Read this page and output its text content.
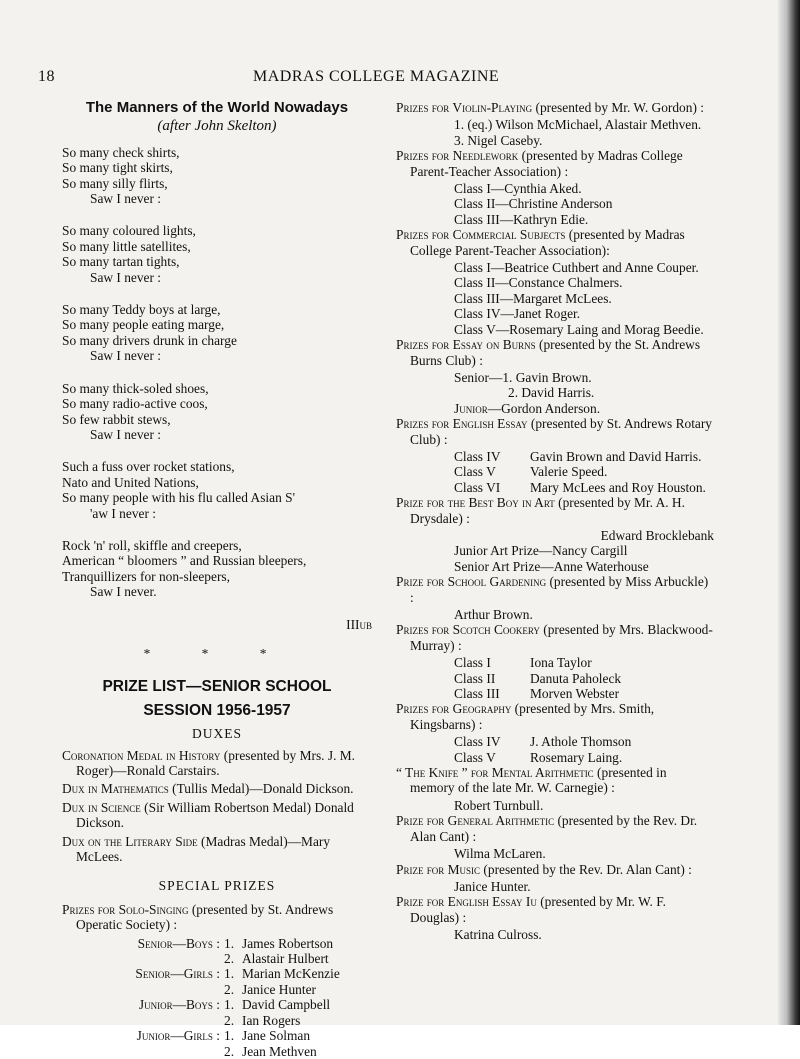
18	MADRAS COLLEGE MAGAZINE
The Manners of the World Nowadays
(after John Skelton)
So many check shirts,
So many tight skirts,
So many silly flirts,
Saw I never :
So many coloured lights,
So many little satellites,
So many tartan tights,
Saw I never :
So many Teddy boys at large,
So many people eating marge,
So many drivers drunk in charge
Saw I never :
So many thick-soled shoes,
So many radio-active coos,
So few rabbit stews,
Saw I never :
Such a fuss over rocket stations,
Nato and United Nations,
So many people with his flu called Asian S'
'aw I never :
Rock 'n' roll, skiffle and creepers,
American “ bloomers ” and Russian bleepers,
Tranquillizers for non-sleepers,
Saw I never.
IIIub
* * *
PRIZE LIST—SENIOR SCHOOL
SESSION 1956-1957
DUXES
Coronation Medal in History (presented by Mrs. J. M. Roger)—Ronald Carstairs.
Dux in Mathematics (Tullis Medal)—Donald Dickson.
Dux in Science (Sir William Robertson Medal) Donald Dickson.
Dux on the Literary Side (Madras Medal)—Mary McLees.
SPECIAL PRIZES
Prizes for Solo-Singing (presented by St. Andrews Operatic Society) :
Senior—Boys : 1. James Robertson
2. Alastair Hulbert
Senior—Girls : 1. Marian McKenzie
2. Janice Hunter
Junior—Boys : 1. David Campbell
2. Ian Rogers
Junior—Girls : 1. Jane Solman
2. Jean Methven
Prizes for Violin-Playing (presented by Mr. W. Gordon) :
1. (eq.) Wilson McMichael, Alastair Methven.
3. Nigel Caseby.
Prizes for Needlework (presented by Madras College Parent-Teacher Association) :
Class I—Cynthia Aked.
Class II—Christine Anderson
Class III—Kathryn Edie.
Prizes for Commercial Subjects (presented by Madras College Parent-Teacher Association):
Class I—Beatrice Cuthbert and Anne Couper.
Class II—Constance Chalmers.
Class III—Margaret McLees.
Class IV—Janet Roger.
Class V—Rosemary Laing and Morag Beedie.
Prizes for Essay on Burns (presented by the St. Andrews Burns Club) :
Senior—1. Gavin Brown.
2. David Harris.
Junior—Gordon Anderson.
Prizes for English Essay (presented by St. Andrews Rotary Club) :
Class IV	Gavin Brown and David Harris.
Class V	Valerie Speed.
Class VI	Mary McLees and Roy Houston.
Prize for the Best Boy in Art (presented by Mr. A. H. Drysdale) :
Edward Brocklebank
Junior Art Prize—Nancy Cargill
Senior Art Prize—Anne Waterhouse
Prize for School Gardening (presented by Miss Arbuckle) :
Arthur Brown.
Prizes for Scotch Cookery (presented by Mrs. Blackwood-Murray) :
Class I	Iona Taylor
Class II	Danuta Paholeck
Class III	Morven Webster
Prizes for Geography (presented by Mrs. Smith, Kingsbarns) :
Class IV	J. Athole Thomson
Class V	Rosemary Laing.
“ The Knife ” for Mental Arithmetic (presented in memory of the late Mr. W. Carnegie) :
Robert Turnbull.
Prize for General Arithmetic (presented by the Rev. Dr. Alan Cant) :
Wilma McLaren.
Prize for Music (presented by the Rev. Dr. Alan Cant) :
Janice Hunter.
Prize for English Essay Iu (presented by Mr. W. F. Douglas) :
Katrina Culross.
